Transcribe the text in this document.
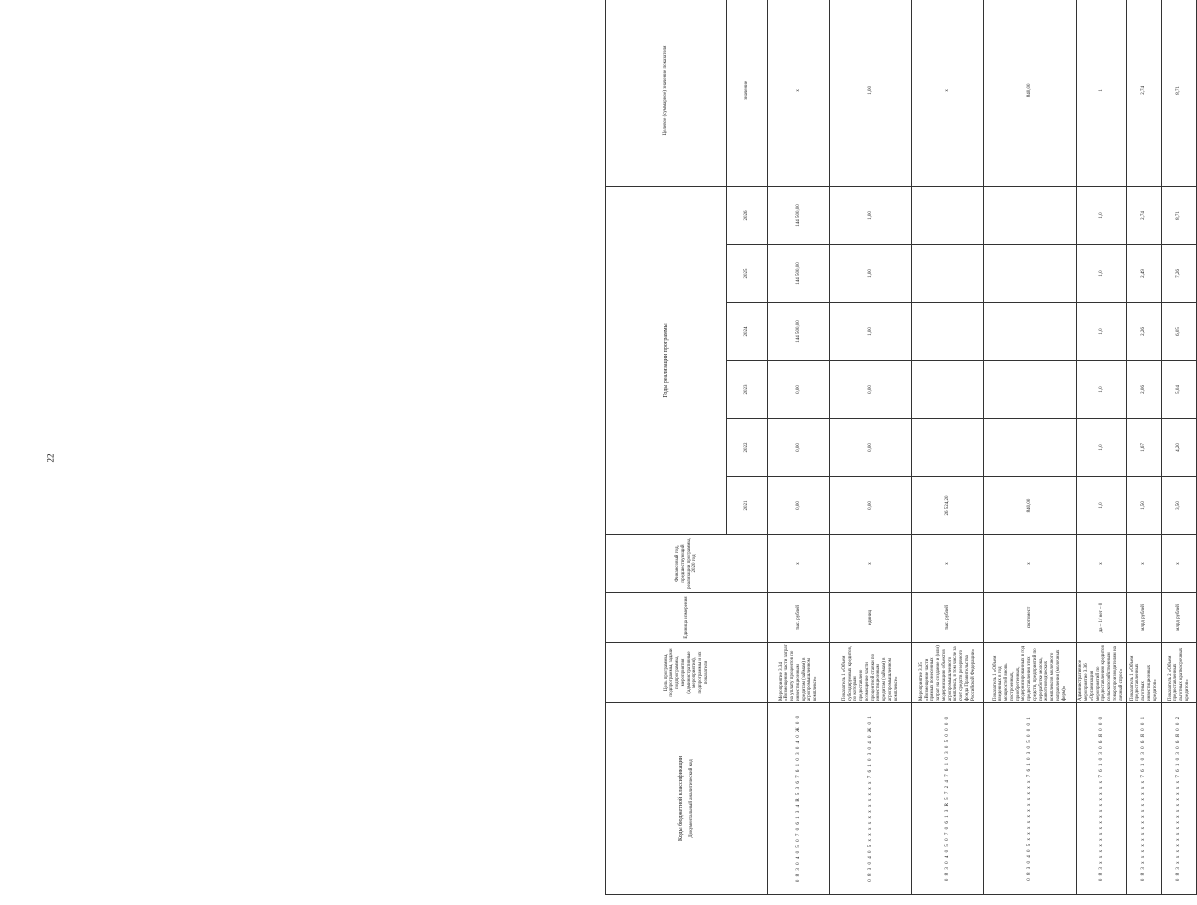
22
Коды бюджетной классификации Документальный аналитический код	Цель программы, подпрограммы, задачи подпрограммы, мероприятия (административные мероприятия), подпрограммы и их показатели	Единица измерения	Финансовый год, предшествующий реализации программы, 2020 год	Годы реализации программы						Целевое (суммарное) значение показателя
				2021	2022	2023	2024	2025	2026	значение
0 8 3 0 4 0 5 0 7 0 6 1 3 4 R 5 3 6 7 6 1 0 3 0 4 0 Ж 0 0	Мероприятие 3.34 «Возмещение части затрат на уплату процентов по инвестиционным кредитам (займам) в агропромышленном комплексе»	тыс. рублей	х	0,00	0,00	0,00	144 500,00	144 500,00	144 500,00	х
0 8 3 0 4 0 5 х х х х х х х х х х х 7 6 1 0 3 0 4 0 Ж 0 1	Показатель 1 «Объем субсидируемых кредитов, по которым предоставлено возмещение части процентной ставки по инвестиционным кредитам (займам) в агропромышленном комплексе»	единиц	х	0,00	0,00	0,00	1,00	1,00	1,00	1,00
0 8 3 0 4 0 5 0 7 0 6 1 3 R 5 7 2 4 7 6 1 0 3 0 5 0 0 0 0	Мероприятие 3.35 «Возмещение части прямых понесенных затрат на создание и (или) модернизацию объектов агропромышленного комплекса, в том числе за счет средств резервного фонда Правительства Российской Федерации»	тыс. рублей	х	26 524,20						х
0 8 3 0 4 0 5 х х х х х х х х х х х 7 6 1 0 3 0 5 0 0 0 1	Показатель 1 «Объем введенных в год мощностей вновь построенных, приобретенных, модернизированных в год предоставления этих средств, предприятий по переработке молока, животноводческих комплексов молочного направления (молочных ферм)»	скотомест	х	840,00						840,00
0 8 3 х х х х х х х х х х х х х х х 7 6 1 0 3 0 6 Я 0 0 0	Административное мероприятие 3.36 «Организация мероприятий по предоставлению кредитов сельскохозяйственным товаропроизводителям на личный спрос»	да – 1/ нет – 0	х	1,0	1,0	1,0	1,0	1,0	1,0	1
0 8 3 х х х х х х х х х х х х х х х 7 6 1 0 3 0 6 Я 0 0 1	Показатель 1 «Объем предоставленных льготных инвестиционных кредитов»	млрд рублей	х	1,50	1,67	2,06	2,26	2,49	2,74	2,74
0 8 3 х х х х х х х х х х х х х х х 7 6 1 0 3 0 6 Я 0 0 2	Показатель 2 «Объем предоставленных льготных краткосрочных кредитов»	млрд рублей	х	3,50	4,20	5,04	6,05	7,26	8,71	8,71
